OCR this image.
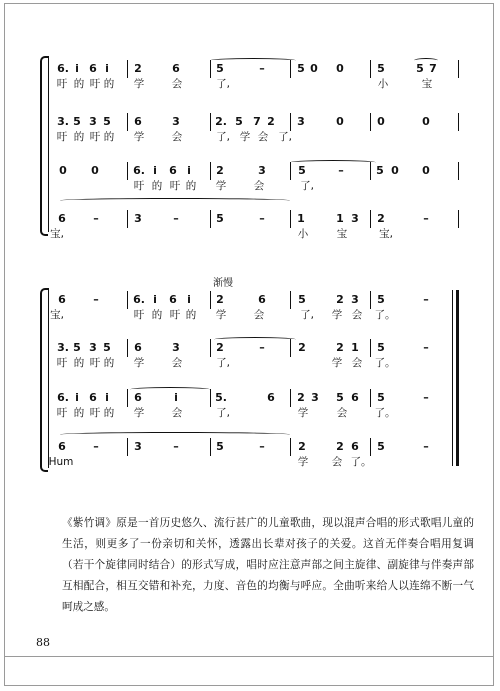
6. i 6 i 2	6	5	–	5 0 0	5	5 7
吁 的 吁 的 学	会	了,	小	宝
3. 5 3 5 6	3	2. 5 7 2 3	0	0	0
吁 的 吁 的 学	会	了, 学 会 了,
0 0	6. i 6 i 2	3	5	–	5 0 0
吁 的 吁 的 学	会	了,
6 –	3	–	5	–	1	1 3 2	–
宝,	小	宝	宝,
渐慢
6 –	6. i 6 i 2	6	5	2 3 5	–
宝,	吁 的 吁 的 学	会	了,	学 会 了。
3. 5 3 5 6	3	2	–	2	2 1 5	–
吁 的 吁 的 学	会	了,	学 会 了。
6. i 6 i 6	i	5.	6 2 3 5 6 5	–
吁 的 吁 的 学	会	了,	学	会	了。
6 –	3	–	5	–	2	2 6 5	–
Hum	学 会 了。
《紫竹调》原是一首历史悠久、流行甚广的儿童歌曲，现以混声合唱的形式歌唱儿童的生活，则更多了一份亲切和关怀，透露出长辈对孩子的关爱。这首无伴奏合唱用复调（若干个旋律同时结合）的形式写成，唱时应注意声部之间主旋律、副旋律与伴奏声部互相配合，相互交错和补充，力度、音色的均衡与呼应。全曲听来给人以连绵不断一气呵成之感。
88
